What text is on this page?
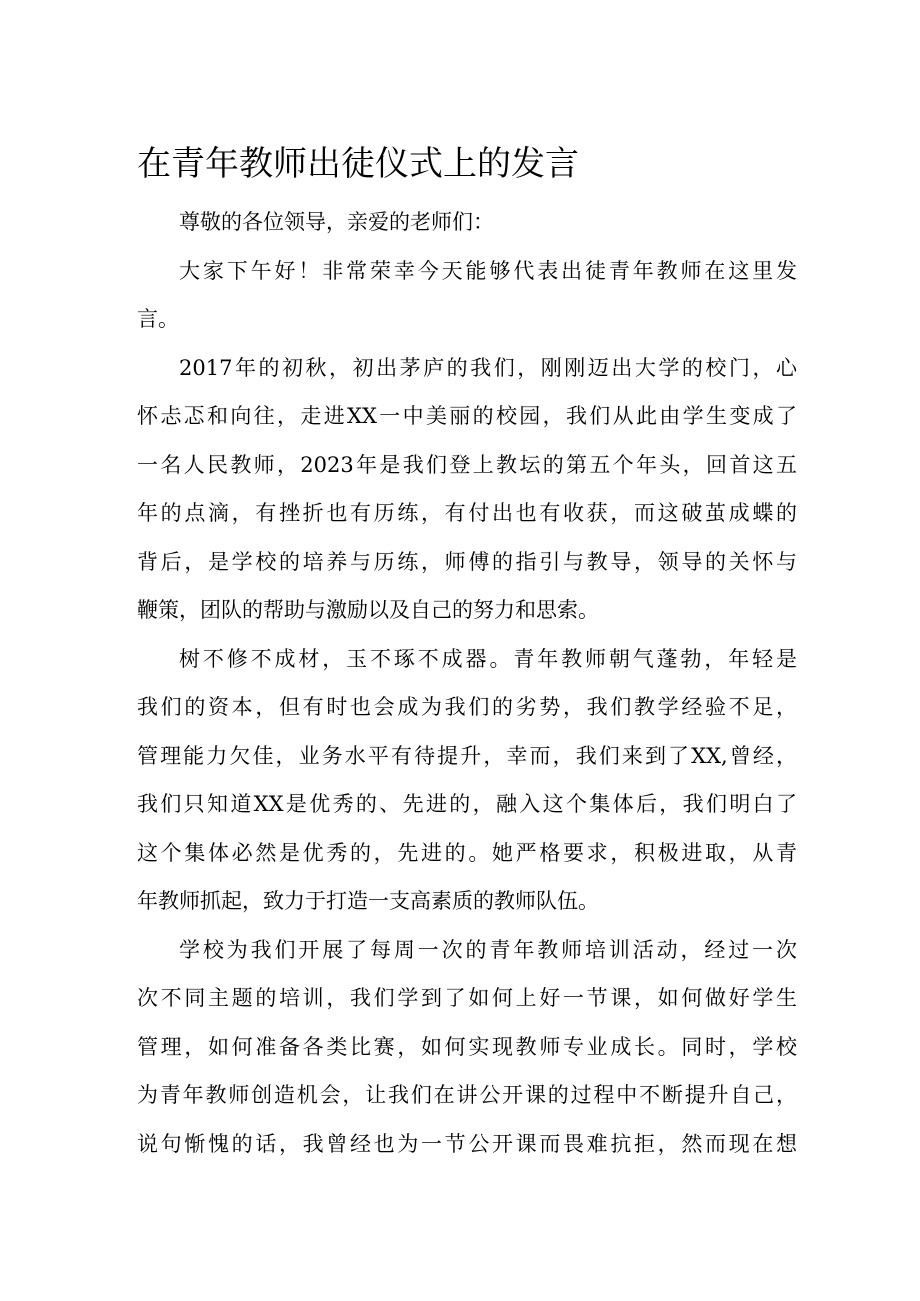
在青年教师出徒仪式上的发言

尊敬的各位领导，亲爱的老师们：

大家下午好！非常荣幸今天能够代表出徒青年教师在这里发
言。

2017年的初秋，初出茅庐的我们，刚刚迈出大学的校门，心
怀忐忑和向往，走进XX一中美丽的校园，我们从此由学生变成了
一名人民教师，2023年是我们登上教坛的第五个年头，回首这五
年的点滴，有挫折也有历练，有付出也有收获，而这破茧成蝶的
背后，是学校的培养与历练，师傅的指引与教导，领导的关怀与
鞭策，团队的帮助与激励以及自己的努力和思索。

树不修不成材，玉不琢不成器。青年教师朝气蓬勃，年轻是
我们的资本，但有时也会成为我们的劣势，我们教学经验不足，
管理能力欠佳，业务水平有待提升，幸而，我们来到了XX,曾经，
我们只知道XX是优秀的、先进的，融入这个集体后，我们明白了
这个集体必然是优秀的，先进的。她严格要求，积极进取，从青
年教师抓起，致力于打造一支高素质的教师队伍。

学校为我们开展了每周一次的青年教师培训活动，经过一次
次不同主题的培训，我们学到了如何上好一节课，如何做好学生
管理，如何准备各类比赛，如何实现教师专业成长。同时，学校
为青年教师创造机会，让我们在讲公开课的过程中不断提升自己，
说句惭愧的话，我曾经也为一节公开课而畏难抗拒，然而现在想
